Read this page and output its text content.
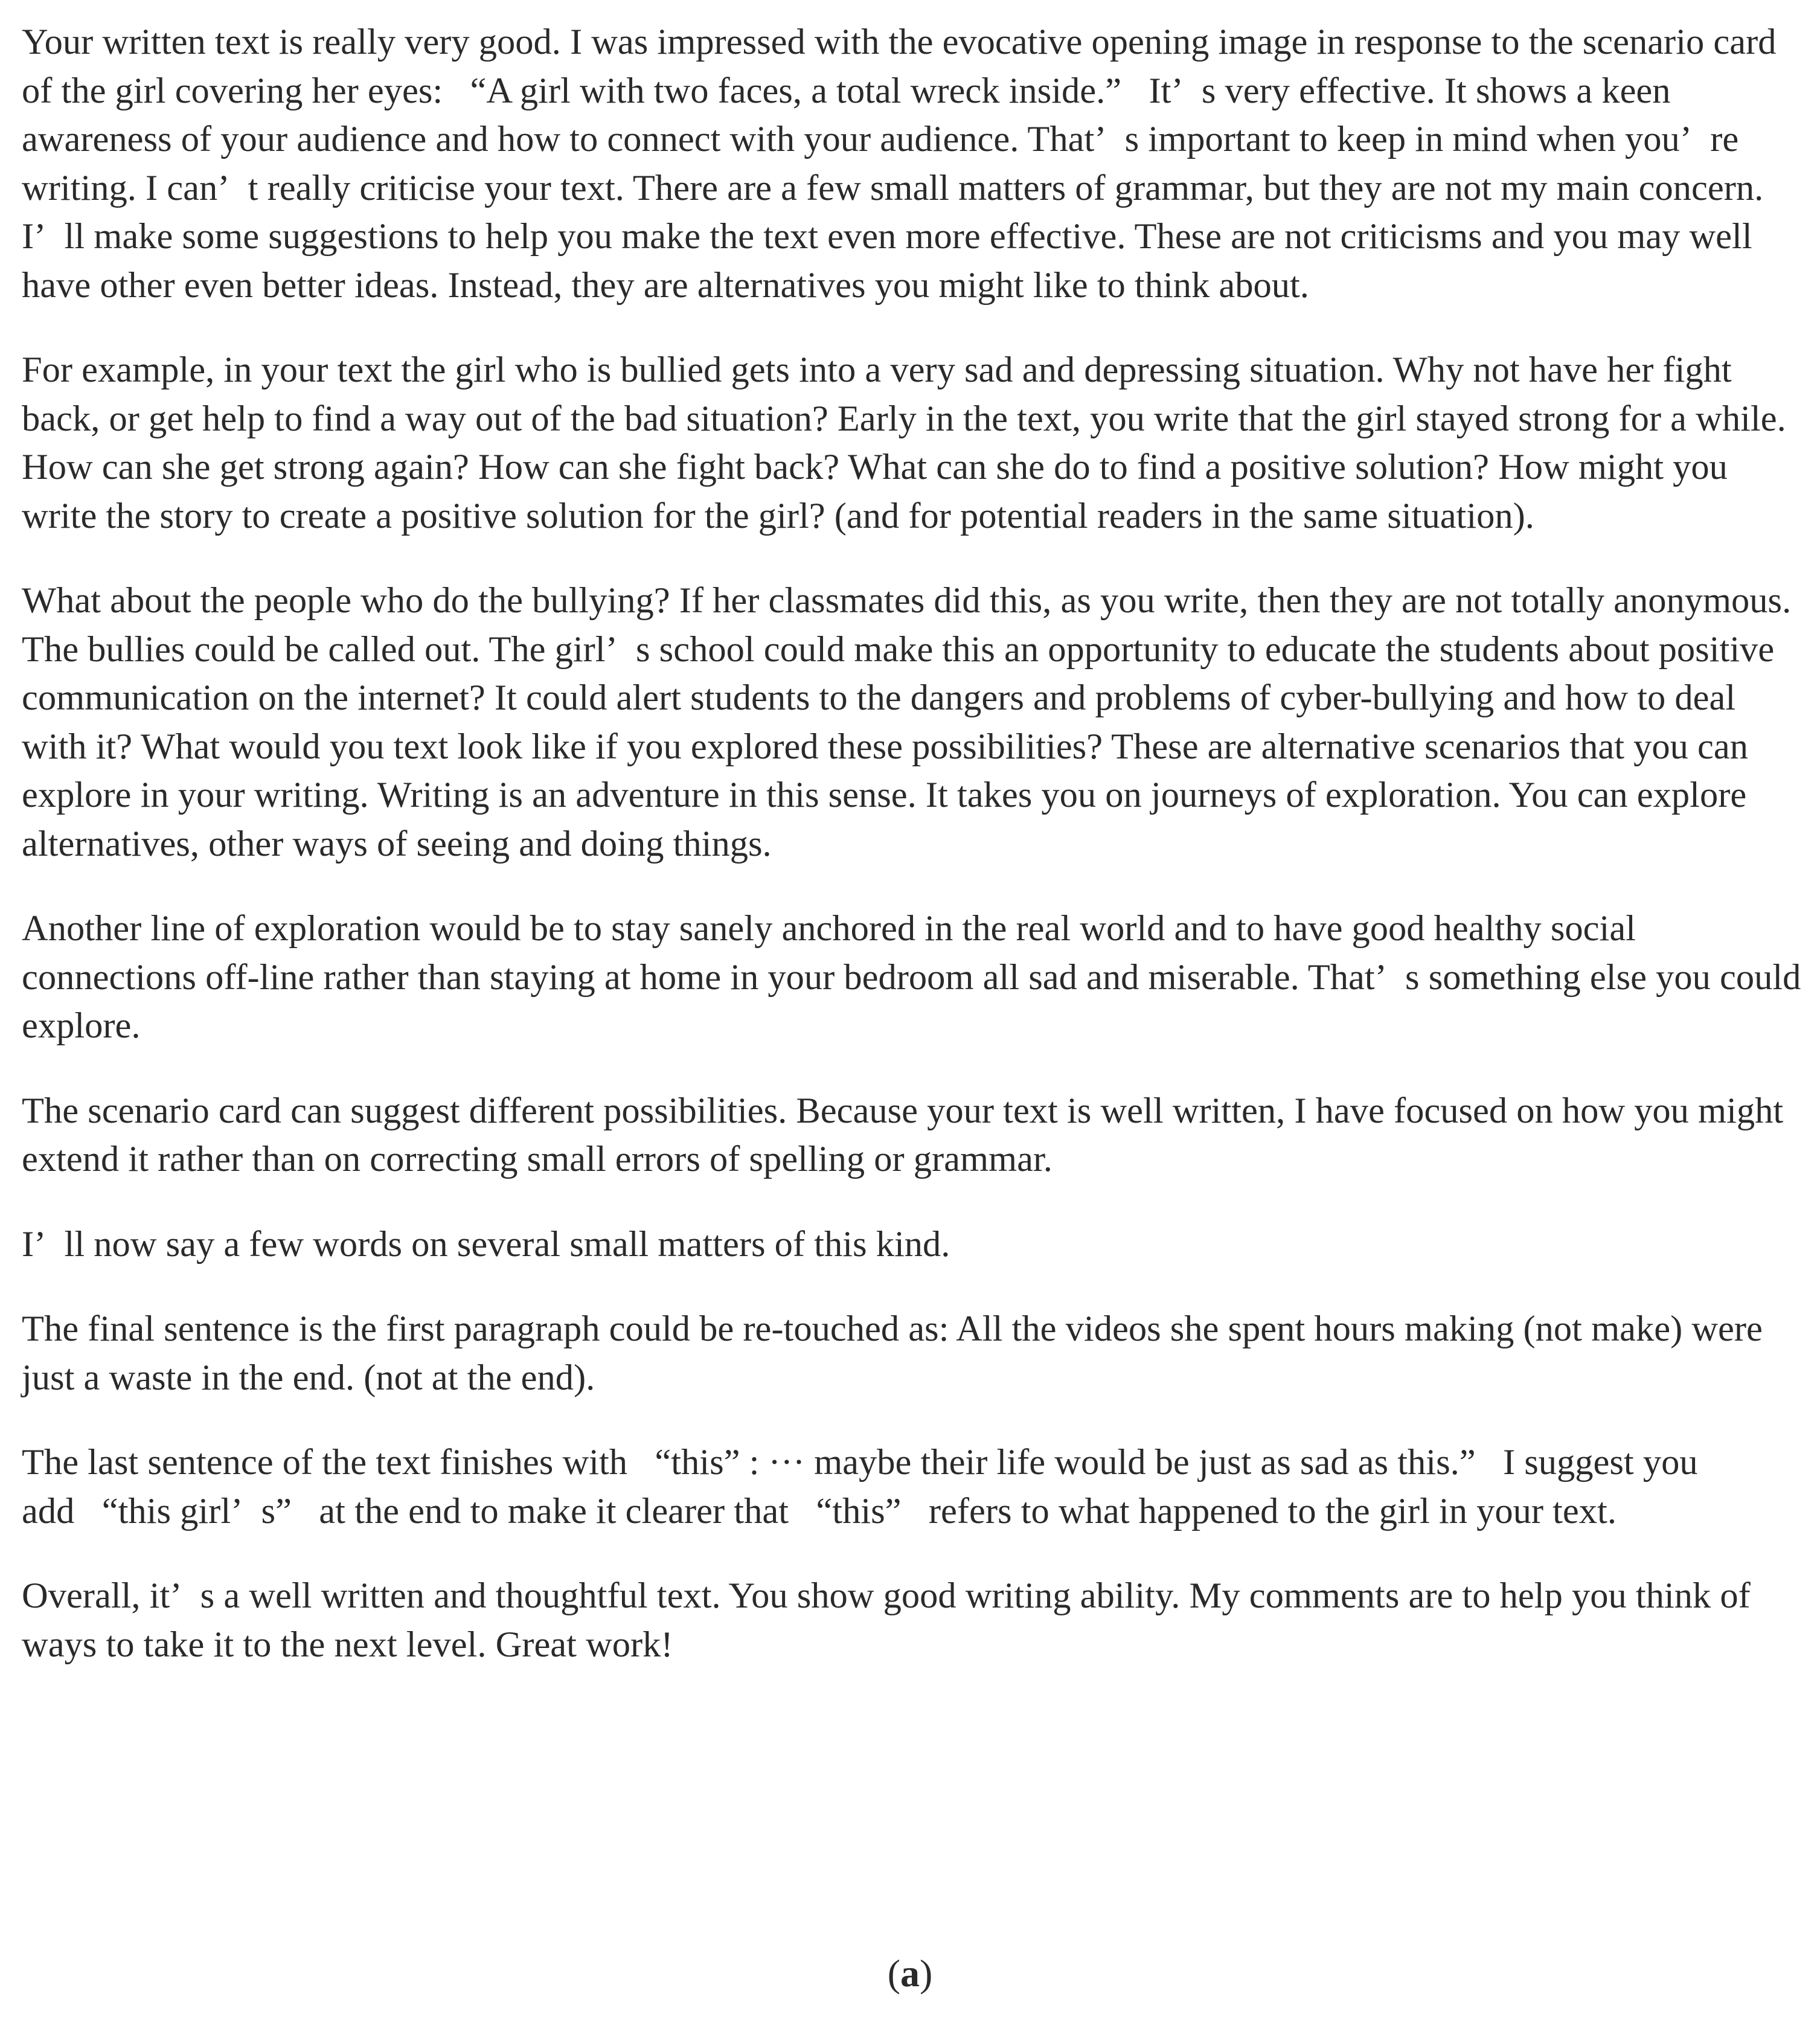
Your written text is really very good. I was impressed with the evocative opening image in response to the scenario card of the girl covering her eyes:   “A girl with two faces, a total wreck inside.”   It’  s very effective. It shows a keen awareness of your audience and how to connect with your audience. That’  s important to keep in mind when you’  re writing. I can’  t really criticise your text. There are a few small matters of grammar, but they are not my main concern. I’  ll make some suggestions to help you make the text even more effective. These are not criticisms and you may well have other even better ideas. Instead, they are alternatives you might like to think about.

For example, in your text the girl who is bullied gets into a very sad and depressing situation. Why not have her fight back, or get help to find a way out of the bad situation? Early in the text, you write that the girl stayed strong for a while. How can she get strong again? How can she fight back? What can she do to find a positive solution? How might you write the story to create a positive solution for the girl? (and for potential readers in the same situation).

What about the people who do the bullying? If her classmates did this, as you write, then they are not totally anonymous. The bullies could be called out. The girl’  s school could make this an opportunity to educate the students about positive communication on the internet? It could alert students to the dangers and problems of cyber-bullying and how to deal with it? What would you text look like if you explored these possibilities? These are alternative scenarios that you can explore in your writing. Writing is an adventure in this sense. It takes you on journeys of exploration. You can explore alternatives, other ways of seeing and doing things.

Another line of exploration would be to stay sanely anchored in the real world and to have good healthy social connections off-line rather than staying at home in your bedroom all sad and miserable. That’  s something else you could explore.

The scenario card can suggest different possibilities. Because your text is well written, I have focused on how you might extend it rather than on correcting small errors of spelling or grammar.

I’  ll now say a few words on several small matters of this kind.

The final sentence is the first paragraph could be re-touched as: All the videos she spent hours making (not make) were just a waste in the end. (not at the end).

The last sentence of the text finishes with   “this” : ··· maybe their life would be just as sad as this.”   I suggest you add   “this girl’  s”   at the end to make it clearer that   “this”   refers to what happened to the girl in your text.

Overall, it’  s a well written and thoughtful text. You show good writing ability. My comments are to help you think of ways to take it to the next level. Great work!

(a)
